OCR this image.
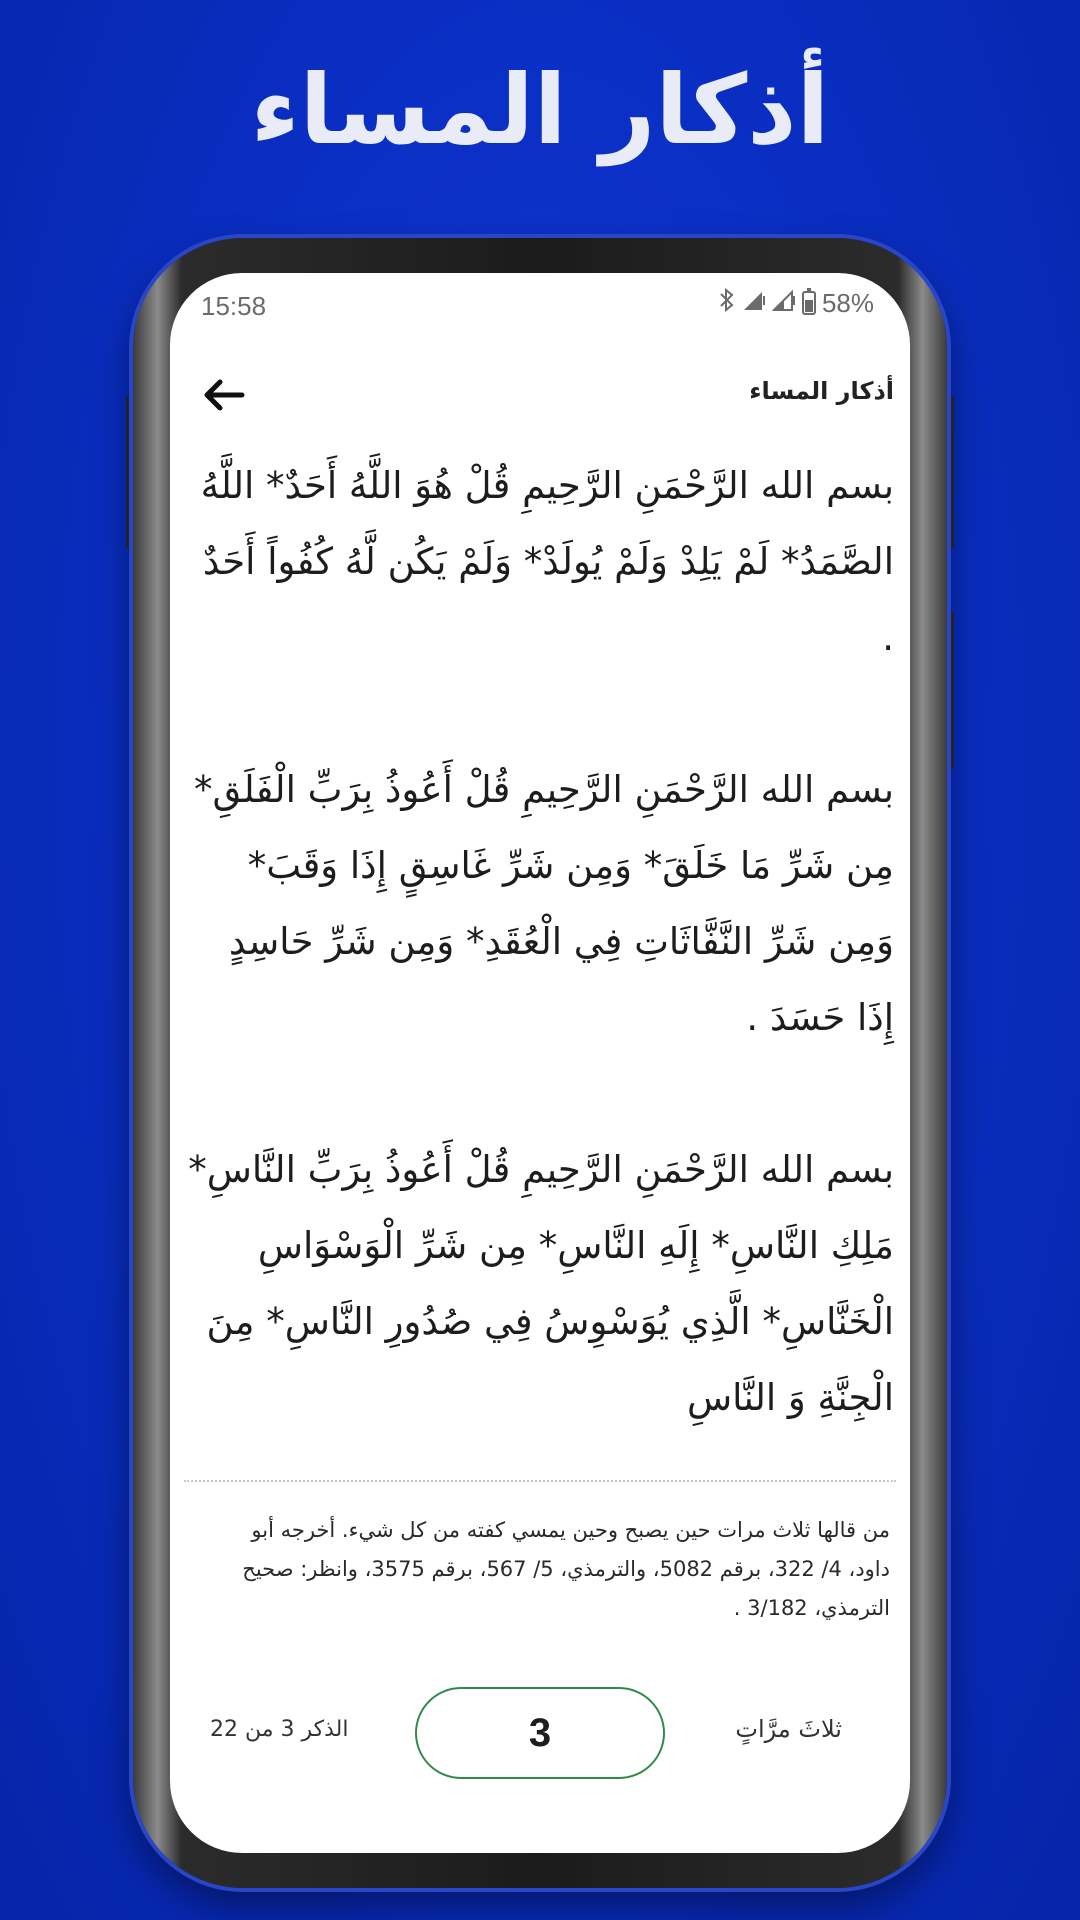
أذكار المساء
15:58	58%
أذكار المساء

بسم الله الرَّحْمَنِ الرَّحِيمِ قُلْ هُوَ اللَّهُ أَحَدٌ* اللَّهُ الصَّمَدُ* لَمْ يَلِدْ وَلَمْ يُولَدْ* وَلَمْ يَكُن لَّهُ كُفُواً أَحَدٌ .

بسم الله الرَّحْمَنِ الرَّحِيمِ قُلْ أَعُوذُ بِرَبِّ الْفَلَقِ* مِن شَرِّ مَا خَلَقَ* وَمِن شَرِّ غَاسِقٍ إِذَا وَقَبَ* وَمِن شَرِّ النَّفَّاثَاتِ فِي الْعُقَدِ* وَمِن شَرِّ حَاسِدٍ إِذَا حَسَدَ .

بسم الله الرَّحْمَنِ الرَّحِيمِ قُلْ أَعُوذُ بِرَبِّ النَّاسِ* مَلِكِ النَّاسِ* إِلَهِ النَّاسِ* مِن شَرِّ الْوَسْوَاسِ الْخَنَّاسِ* الَّذِي يُوَسْوِسُ فِي صُدُورِ النَّاسِ* مِنَ الْجِنَّةِ وَ النَّاسِ

من قالها ثلاث مرات حين يصبح وحين يمسي كفته من كل شيء. أخرجه أبو داود، 4/ 322، برقم 5082، والترمذي، 5/ 567، برقم 3575، وانظر: صحيح الترمذي، 3/182 .
الذكر 3 من 22	3	ثلاثَ مرَّاتٍ
